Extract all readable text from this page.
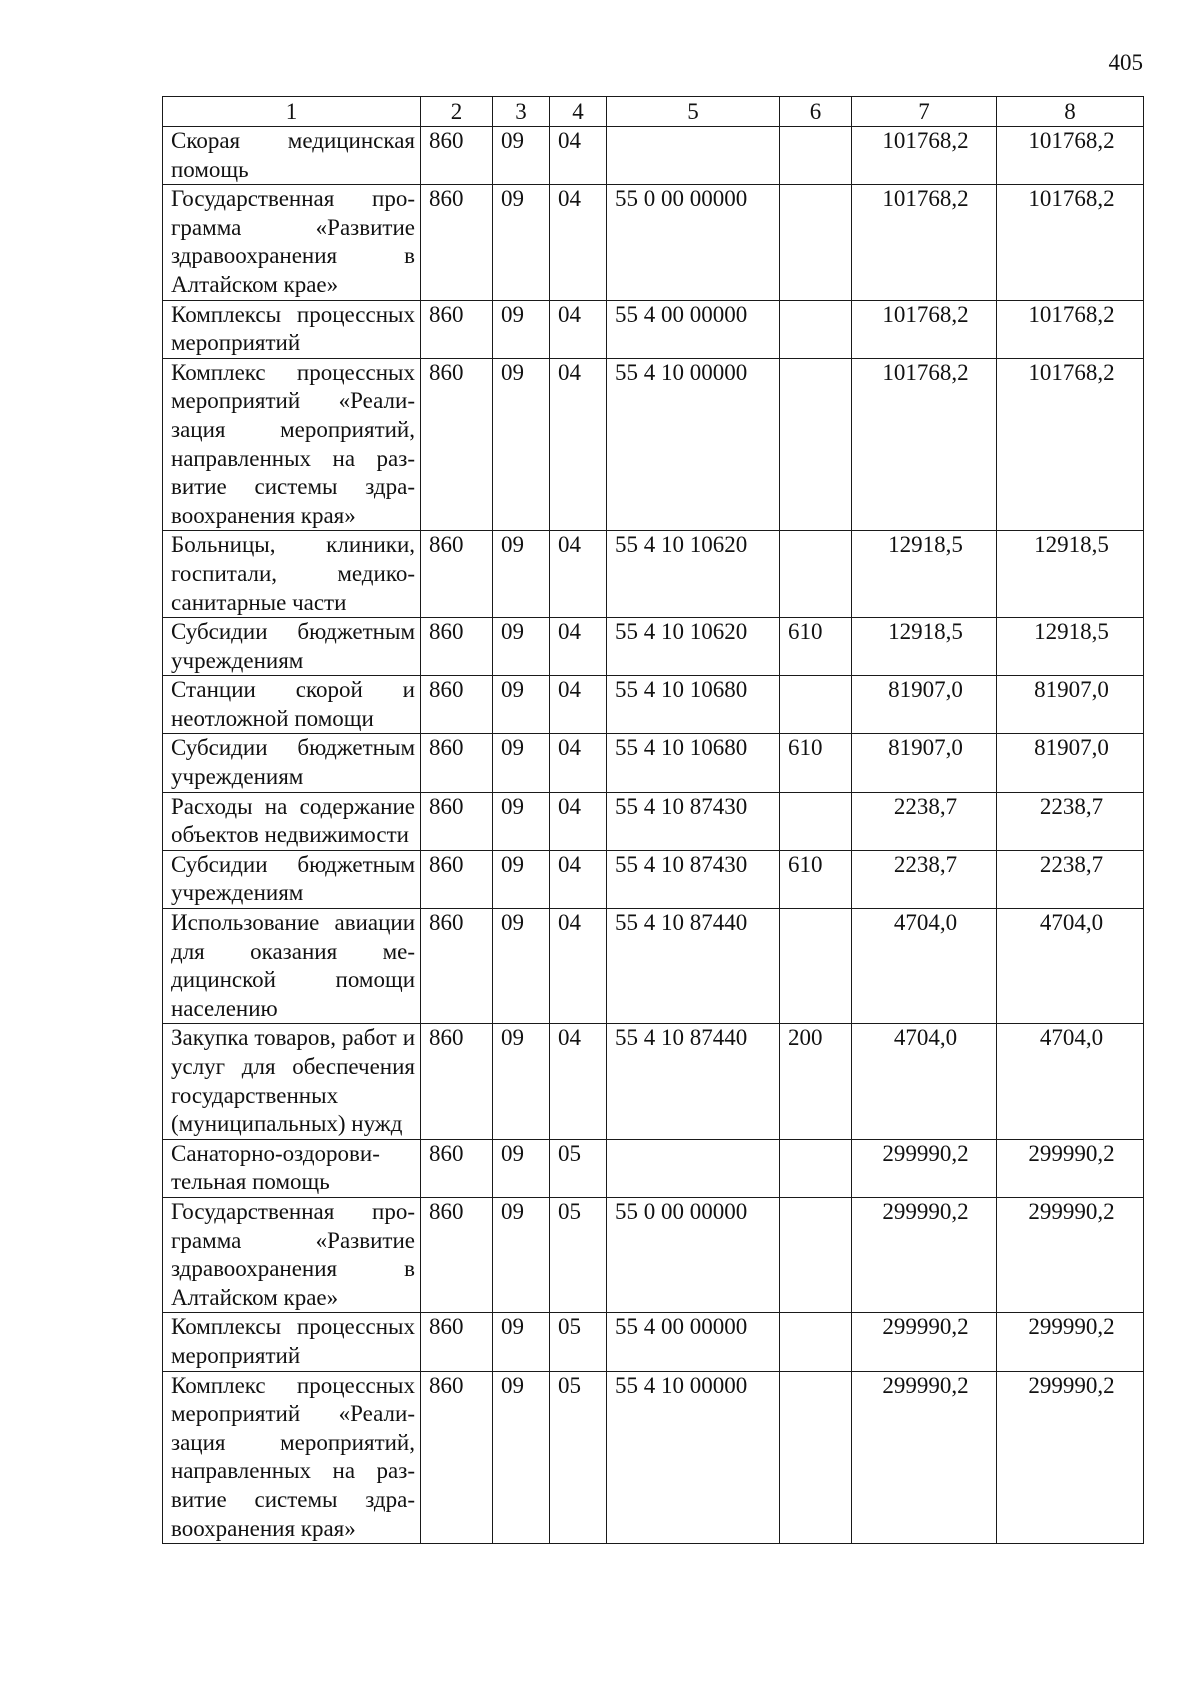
405
1	2	3	4	5	6	7	8
Скорая медицинская помощь	860	09	04			101768,2	101768,2
Государственная программа «Развитие здравоохранения в Алтайском крае»	860	09	04	55 0 00 00000		101768,2	101768,2
Комплексы процессных мероприятий	860	09	04	55 4 00 00000		101768,2	101768,2
Комплекс процессных мероприятий «Реализация мероприятий, направленных на развитие системы здравоохранения края»	860	09	04	55 4 10 00000		101768,2	101768,2
Больницы, клиники, госпитали, медико-санитарные части	860	09	04	55 4 10 10620		12918,5	12918,5
Субсидии бюджетным учреждениям	860	09	04	55 4 10 10620	610	12918,5	12918,5
Станции скорой и неотложной помощи	860	09	04	55 4 10 10680		81907,0	81907,0
Субсидии бюджетным учреждениям	860	09	04	55 4 10 10680	610	81907,0	81907,0
Расходы на содержание объектов недвижимости	860	09	04	55 4 10 87430		2238,7	2238,7
Субсидии бюджетным учреждениям	860	09	04	55 4 10 87430	610	2238,7	2238,7
Использование авиации для оказания медицинской помощи населению	860	09	04	55 4 10 87440		4704,0	4704,0
Закупка товаров, работ и услуг для обеспечения государственных (муниципальных) нужд	860	09	04	55 4 10 87440	200	4704,0	4704,0
Санаторно-оздоровительная помощь	860	09	05			299990,2	299990,2
Государственная программа «Развитие здравоохранения в Алтайском крае»	860	09	05	55 0 00 00000		299990,2	299990,2
Комплексы процессных мероприятий	860	09	05	55 4 00 00000		299990,2	299990,2
Комплекс процессных мероприятий «Реализация мероприятий, направленных на развитие системы здравоохранения края»	860	09	05	55 4 10 00000		299990,2	299990,2
